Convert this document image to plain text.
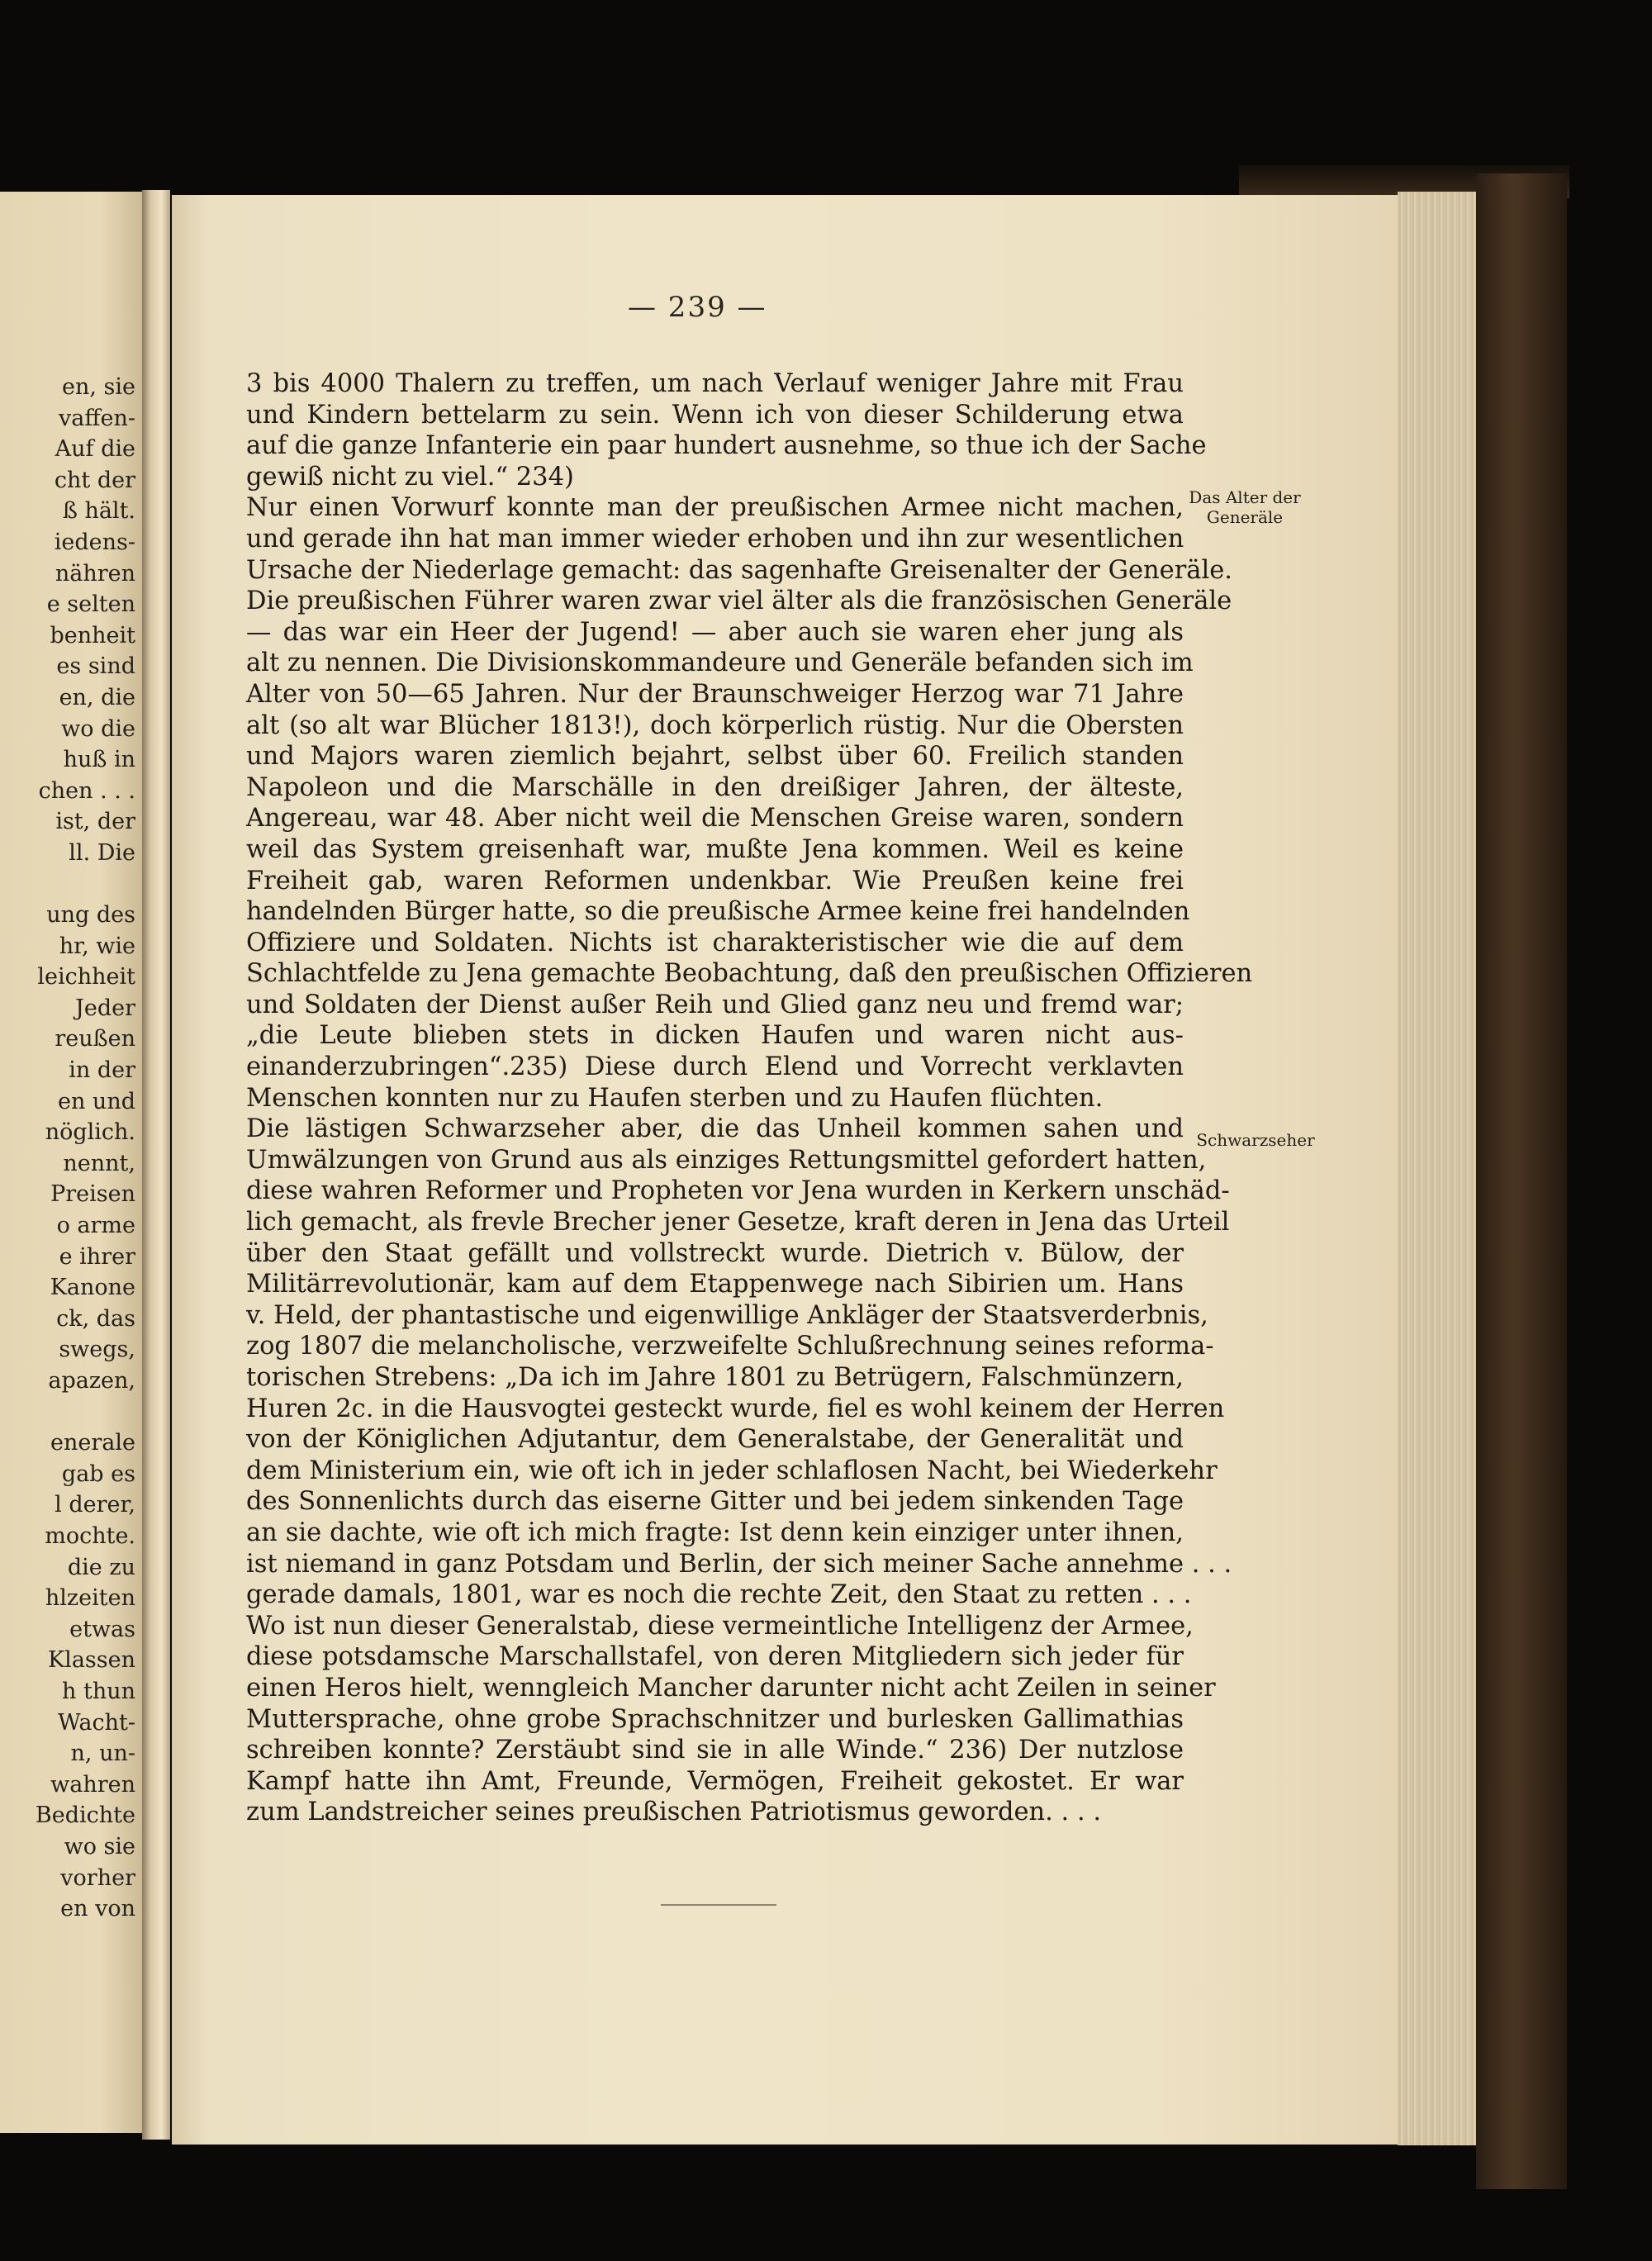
en, sie
vaffen-
Auf die
cht der
ß hält.
iedens-
nähren
e selten
benheit
es sind
en, die
wo die
huß in
chen . . .
ist, der
ll. Die
ung des
hr, wie
leichheit
Jeder
reußen
in der
en und
nöglich.
nennt,
Preisen
o arme
e ihrer
Kanone
ck, das
swegs,
apazen,
enerale
gab es
l derer,
mochte.
die zu
hlzeiten
etwas
Klassen
h thun
Wacht-
n, un-
wahren
Bedichte
wo sie
vorher
en von
— 239 —
3 bis 4000 Thalern zu treffen, um nach Verlauf weniger Jahre mit Frau
und Kindern bettelarm zu sein. Wenn ich von dieser Schilderung etwa
auf die ganze Infanterie ein paar hundert ausnehme, so thue ich der Sache
gewiß nicht zu viel.“ 234)
Nur einen Vorwurf konnte man der preußischen Armee nicht machen,
und gerade ihn hat man immer wieder erhoben und ihn zur wesentlichen
Ursache der Niederlage gemacht: das sagenhafte Greisenalter der Generäle.
Die preußischen Führer waren zwar viel älter als die französischen Generäle
— das war ein Heer der Jugend! — aber auch sie waren eher jung als
alt zu nennen. Die Divisionskommandeure und Generäle befanden sich im
Alter von 50—65 Jahren. Nur der Braunschweiger Herzog war 71 Jahre
alt (so alt war Blücher 1813!), doch körperlich rüstig. Nur die Obersten
und Majors waren ziemlich bejahrt, selbst über 60. Freilich standen
Napoleon und die Marschälle in den dreißiger Jahren, der älteste,
Angereau, war 48. Aber nicht weil die Menschen Greise waren, sondern
weil das System greisenhaft war, mußte Jena kommen. Weil es keine
Freiheit gab, waren Reformen undenkbar. Wie Preußen keine frei
handelnden Bürger hatte, so die preußische Armee keine frei handelnden
Offiziere und Soldaten. Nichts ist charakteristischer wie die auf dem
Schlachtfelde zu Jena gemachte Beobachtung, daß den preußischen Offizieren
und Soldaten der Dienst außer Reih und Glied ganz neu und fremd war;
„die Leute blieben stets in dicken Haufen und waren nicht aus-
einanderzubringen“.235) Diese durch Elend und Vorrecht verklavten
Menschen konnten nur zu Haufen sterben und zu Haufen flüchten.
Die lästigen Schwarzseher aber, die das Unheil kommen sahen und
Umwälzungen von Grund aus als einziges Rettungsmittel gefordert hatten,
diese wahren Reformer und Propheten vor Jena wurden in Kerkern unschäd-
lich gemacht, als frevle Brecher jener Gesetze, kraft deren in Jena das Urteil
über den Staat gefällt und vollstreckt wurde. Dietrich v. Bülow, der
Militärrevolutionär, kam auf dem Etappenwege nach Sibirien um. Hans
v. Held, der phantastische und eigenwillige Ankläger der Staatsverderbnis,
zog 1807 die melancholische, verzweifelte Schlußrechnung seines reforma-
torischen Strebens: „Da ich im Jahre 1801 zu Betrügern, Falschmünzern,
Huren 2c. in die Hausvogtei gesteckt wurde, fiel es wohl keinem der Herren
von der Königlichen Adjutantur, dem Generalstabe, der Generalität und
dem Ministerium ein, wie oft ich in jeder schlaflosen Nacht, bei Wiederkehr
des Sonnenlichts durch das eiserne Gitter und bei jedem sinkenden Tage
an sie dachte, wie oft ich mich fragte: Ist denn kein einziger unter ihnen,
ist niemand in ganz Potsdam und Berlin, der sich meiner Sache annehme . . .
gerade damals, 1801, war es noch die rechte Zeit, den Staat zu retten . . .
Wo ist nun dieser Generalstab, diese vermeintliche Intelligenz der Armee,
diese potsdamsche Marschallstafel, von deren Mitgliedern sich jeder für
einen Heros hielt, wenngleich Mancher darunter nicht acht Zeilen in seiner
Muttersprache, ohne grobe Sprachschnitzer und burlesken Gallimathias
schreiben konnte? Zerstäubt sind sie in alle Winde.“ 236) Der nutzlose
Kampf hatte ihn Amt, Freunde, Vermögen, Freiheit gekostet. Er war
zum Landstreicher seines preußischen Patriotismus geworden. . . .
Das Alter der Generäle
Schwarzseher
